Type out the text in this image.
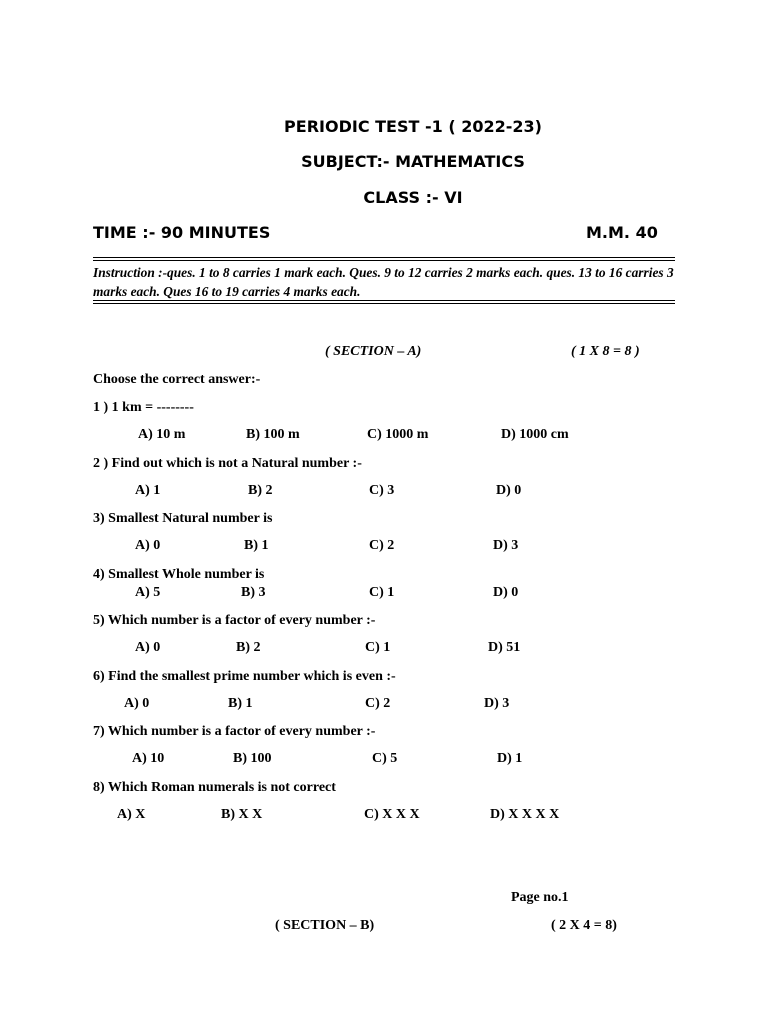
PERIODIC TEST -1 ( 2022-23)
SUBJECT:- MATHEMATICS
CLASS :- VI
TIME :- 90 MINUTES	M.M. 40
Instruction :-ques. 1 to 8 carries 1 mark each. Ques. 9 to 12 carries 2 marks each. ques. 13 to 16 carries 3 marks each. Ques 16 to 19 carries 4 marks each.
( SECTION – A)	( 1 X 8 = 8 )
Choose the correct answer:-
1 ) 1 km = --------
A) 10 m	B) 100 m	C) 1000 m	D) 1000 cm
2 ) Find out which is not a Natural number :-
A) 1	B) 2	C) 3	D) 0
3) Smallest Natural number is
A) 0	B) 1	C) 2	D) 3
4) Smallest Whole number is
A) 5	B) 3	C) 1	D) 0
5) Which number is a factor of every number :-
A) 0	B) 2	C) 1	D) 51
6) Find the smallest prime number which is even :-
A) 0	B) 1	C) 2	D) 3
7) Which number is a factor of every number :-
A) 10	B) 100	C) 5	D) 1
8) Which Roman numerals is not correct
A) X	B) X X	C) X X X	D) X X X X
Page no.1
( SECTION – B)	( 2 X 4 = 8)
